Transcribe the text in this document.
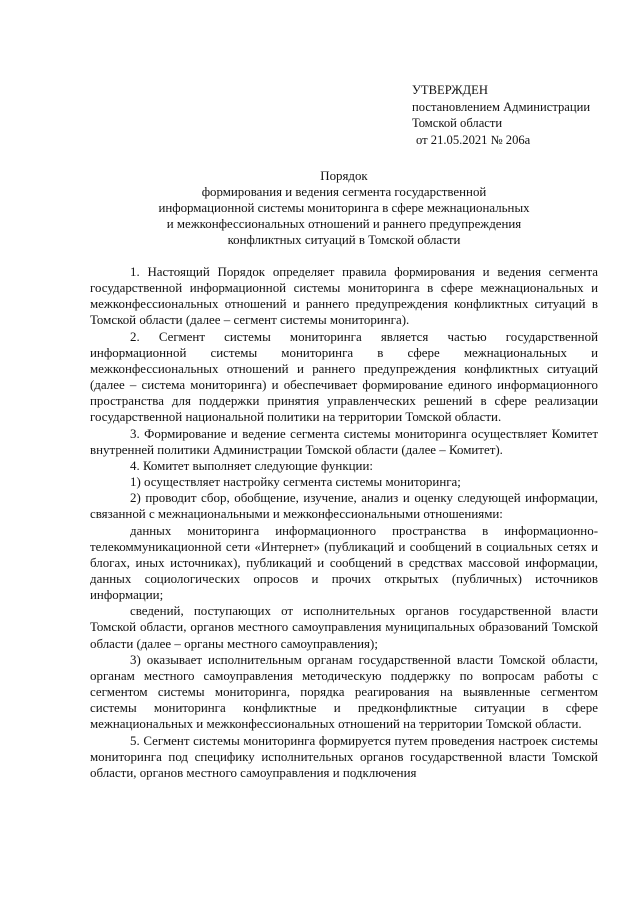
УТВЕРЖДЕН
постановлением Администрации
Томской области
от 21.05.2021 № 206а
Порядок
формирования и ведения сегмента государственной
информационной системы мониторинга в сфере межнациональных
и межконфессиональных отношений и раннего предупреждения
конфликтных ситуаций в Томской области

1. Настоящий Порядок определяет правила формирования и ведения сегмента государственной информационной системы мониторинга в сфере межнациональных и межконфессиональных отношений и раннего предупреждения конфликтных ситуаций в Томской области (далее – сегмент системы мониторинга).

2. Сегмент системы мониторинга является частью государственной информационной системы мониторинга в сфере межнациональных и межконфессиональных отношений и раннего предупреждения конфликтных ситуаций (далее – система мониторинга) и обеспечивает формирование единого информационного пространства для поддержки принятия управленческих решений в сфере реализации государственной национальной политики на территории Томской области.

3. Формирование и ведение сегмента системы мониторинга осуществляет Комитет внутренней политики Администрации Томской области (далее – Комитет).

4. Комитет выполняет следующие функции:

1) осуществляет настройку сегмента системы мониторинга;

2) проводит сбор, обобщение, изучение, анализ и оценку следующей информации, связанной с межнациональными и межконфессиональными отношениями:

данных мониторинга информационного пространства в информационно-телекоммуникационной сети «Интернет» (публикаций и сообщений в социальных сетях и блогах, иных источниках), публикаций и сообщений в средствах массовой информации, данных социологических опросов и прочих открытых (публичных) источников информации;

сведений, поступающих от исполнительных органов государственной власти Томской области, органов местного самоуправления муниципальных образований Томской области (далее – органы местного самоуправления);

3) оказывает исполнительным органам государственной власти Томской области, органам местного самоуправления методическую поддержку по вопросам работы с сегментом системы мониторинга, порядка реагирования на выявленные сегментом системы мониторинга конфликтные и предконфликтные ситуации в сфере межнациональных и межконфессиональных отношений на территории Томской области.

5. Сегмент системы мониторинга формируется путем проведения настроек системы мониторинга под специфику исполнительных органов государственной власти Томской области, органов местного самоуправления и подключения
